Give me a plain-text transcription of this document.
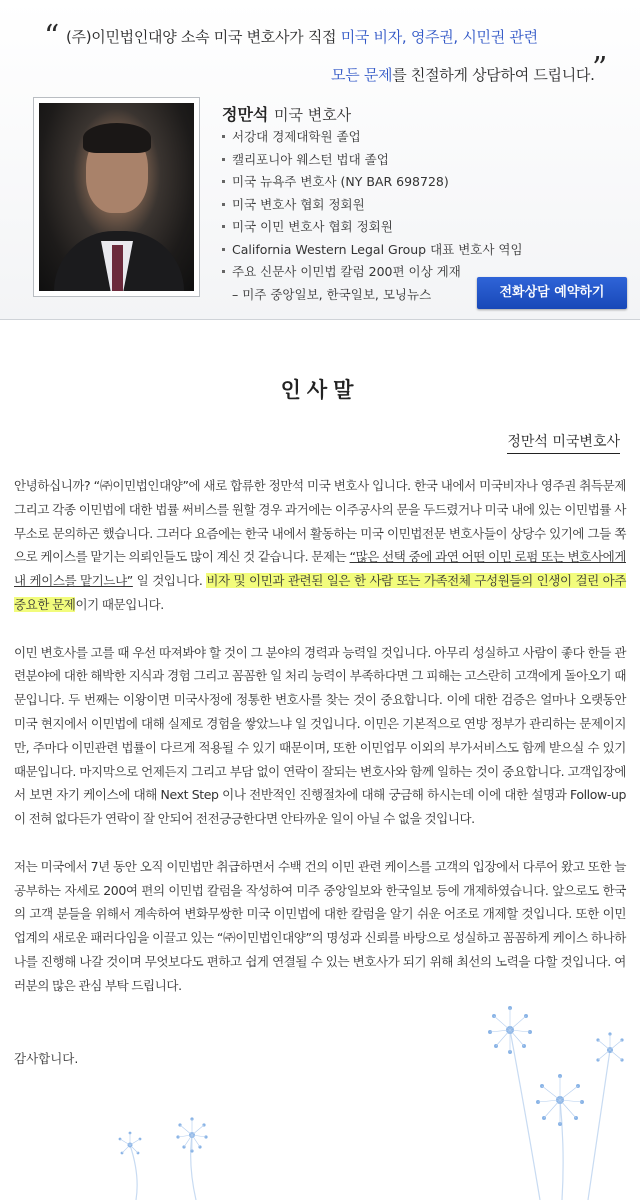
“ (주)이민법인대양 소속 미국 변호사가 직접 미국 비자, 영주권, 시민권 관련
모든 문제를 친절하게 상담하여 드립니다.
”
정만석 미국 변호사
서강대 경제대학원 졸업
캘리포니아 웨스턴 법대 졸업
미국 뉴욕주 변호사 (NY BAR 698728)
미국 변호사 협회 정회원
미국 이민 변호사 협회 정회원
California Western Legal Group 대표 변호사 역임
주요 신문사 이민법 칼럼 200편 이상 게재
– 미주 중앙일보, 한국일보, 모닝뉴스	전화상담 예약하기
인사말
정만석 미국변호사

안녕하십니까? “㈜이민법인대양”에 새로 합류한 정만석 미국 변호사 입니다. 한국 내에서 미국비자나 영주권 취득문제 그리고 각종 이민법에 대한 법률 써비스를 원할 경우 과거에는 이주공사의 문을 두드렸거나 미국 내에 있는 이민법률 사무소로 문의하곤 했습니다. 그러다 요즘에는 한국 내에서 활동하는 미국 이민법전문 변호사들이 상당수 있기에 그들 쪽으로 케이스를 맡기는 의뢰인들도 많이 계신 것 같습니다. 문제는 “많은 선택 중에 과연 어떤 이민 로펌 또는 변호사에게 내 케이스를 맡기느냐” 일 것입니다. 비자 및 이민과 관련된 일은 한 사람 또는 가족전체 구성원들의 인생이 걸린 아주 중요한 문제이기 때문입니다.

이민 변호사를 고를 때 우선 따져봐야 할 것이 그 분야의 경력과 능력일 것입니다. 아무리 성실하고 사람이 좋다 한들 관련분야에 대한 해박한 지식과 경험 그리고 꼼꼼한 일 처리 능력이 부족하다면 그 피해는 고스란히 고객에게 돌아오기 때문입니다. 두 번째는 이왕이면 미국사정에 정통한 변호사를 찾는 것이 중요합니다. 이에 대한 검증은 얼마나 오랫동안 미국 현지에서 이민법에 대해 실제로 경험을 쌓았느냐 일 것입니다. 이민은 기본적으로 연방 정부가 관리하는 문제이지만, 주마다 이민관련 법률이 다르게 적용될 수 있기 때문이며, 또한 이민업무 이외의 부가서비스도 함께 받으실 수 있기 때문입니다. 마지막으로 언제든지 그리고 부담 없이 연락이 잘되는 변호사와 함께 일하는 것이 중요합니다. 고객입장에서 보면 자기 케이스에 대해 Next Step 이나 전반적인 진행절차에 대해 궁금해 하시는데 이에 대한 설명과 Follow-up 이 전혀 없다든가 연락이 잘 안되어 전전긍긍한다면 안타까운 일이 아닐 수 없을 것입니다.

저는 미국에서 7년 동안 오직 이민법만 취급하면서 수백 건의 이민 관련 케이스를 고객의 입장에서 다루어 왔고 또한 늘 공부하는 자세로 200여 편의 이민법 칼럼을 작성하여 미주 중앙일보와 한국일보 등에 개제하였습니다. 앞으로도 한국의 고객 분들을 위해서 계속하여 변화무쌍한 미국 이민법에 대한 칼럼을 알기 쉬운 어조로 개제할 것입니다. 또한 이민업계의 새로운 패러다임을 이끌고 있는 “㈜이민법인대양”의 명성과 신뢰를 바탕으로 성실하고 꼼꼼하게 케이스 하나하나를 진행해 나갈 것이며 무엇보다도 편하고 쉽게 연결될 수 있는 변호사가 되기 위해 최선의 노력을 다할 것입니다. 여러분의 많은 관심 부탁 드립니다.

감사합니다.
